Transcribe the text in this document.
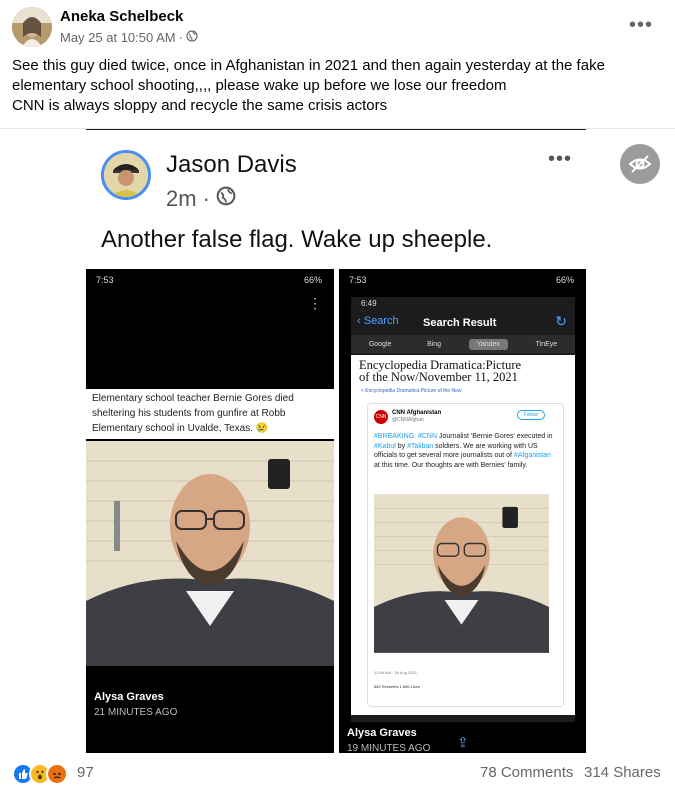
Aneka Schelbeck
May 25 at 10:50 AM ·
•••
See this guy died twice, once in Afghanistan in 2021 and then again yesterday at the fake
elementary school shooting,,,, please wake up before we lose our freedom
CNN is always sloppy and recycle the same crisis actors
Jason Davis
2m ·
•••
Another false flag. Wake up sheeple.
7:53	66%
⋮
Elementary school teacher Bernie Gores died
sheltering his students from gunfire at Robb
Elementary school in Uvalde, Texas. 😢
Alysa Graves
21 MINUTES AGO
7:53	66%
6:49
‹ Search Search Result	↻
Google	Bing	Yandex	TinEye
Encyclopedia Dramatica:Picture
of the Now/November 11, 2021
< Encyclopedia Dramatica:Picture of the Now
CNN
CNN Afghanistan
@CNNAfghan
Follow
#BREAKING: #CNN Journalist 'Bernie Gores' executed in #Kabul by #Taliban soldiers. We are working with US officials to get several more journalists out of #Afganistan at this time. Our thoughts are with Bernies' family.
12:46 AM · 16 Aug 2021
882 Retweets 1,886 Likes
Alysa Graves
19 MINUTES AGO ⇪
97	78 Comments 314 Shares
